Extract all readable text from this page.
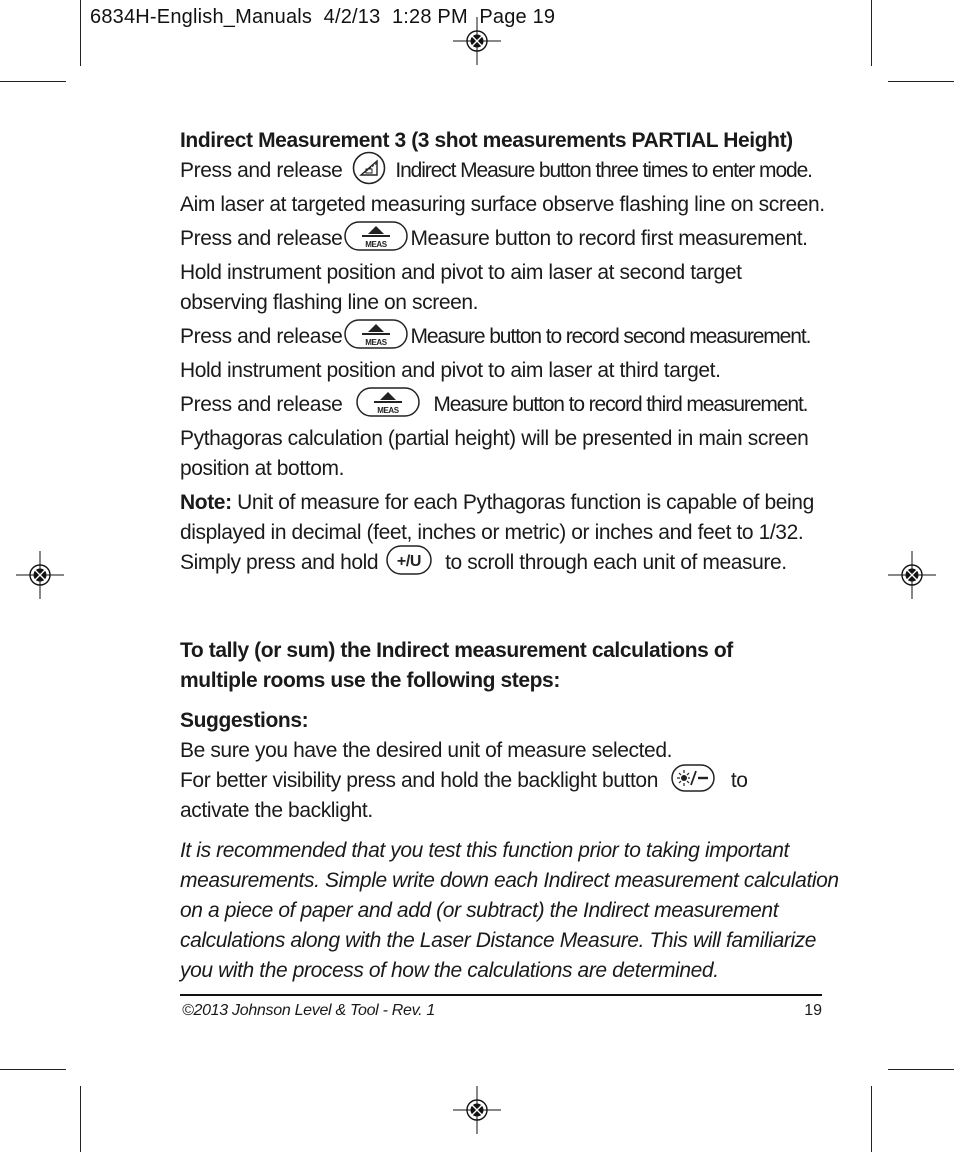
6834H-English_Manuals  4/2/13  1:28 PM  Page 19
Indirect Measurement 3 (3 shot measurements PARTIAL Height)
Press and release	Indirect Measure button three times to enter mode.
Aim laser at targeted measuring surface observe flashing line on screen.
Press and release	MEAS Measure button to record first measurement.
Hold instrument position and pivot to aim laser at second target
observing flashing line on screen.
Press and release	MEAS Measure button to record second measurement.
Hold instrument position and pivot to aim laser at third target.
Press and release	MEAS Measure button to record third measurement.
Pythagoras calculation (partial height) will be presented in main screen
position at bottom.
Note: Unit of measure for each Pythagoras function is capable of being
displayed in decimal (feet, inches or metric) or inches and feet to 1/32.
Simply press and hold +/U to scroll through each unit of measure.
To tally (or sum) the Indirect measurement calculations of
multiple rooms use the following steps:
Suggestions:
Be sure you have the desired unit of measure selected.
For better visibility press and hold the backlight button	to
activate the backlight.
It is recommended that you test this function prior to taking important
measurements. Simple write down each Indirect measurement calculation
on a piece of paper and add (or subtract) the Indirect measurement
calculations along with the Laser Distance Measure. This will familiarize
you with the process of how the calculations are determined.
©2013 Johnson Level & Tool - Rev. 1	19
